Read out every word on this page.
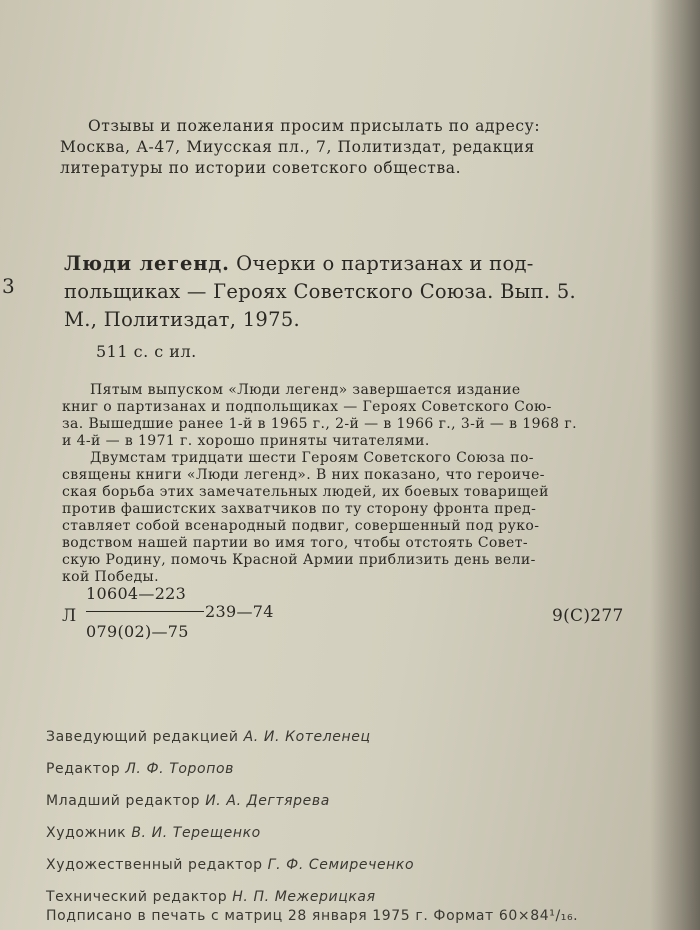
Отзывы и пожелания просим присылать по адресу:
Москва, А-47, Миусская пл., 7, Политиздат, редакция
литературы по истории советского общества.
3
Люди легенд. Очерки о партизанах и под-
польщиках — Героях Советского Союза. Вып. 5.
М., Политиздат, 1975.
511 с. с ил.

Пятым выпуском «Люди легенд» завершается издание
книг о партизанах и подпольщиках — Героях Советского Сою-
за. Вышедшие ранее 1-й в 1965 г., 2-й — в 1966 г., 3-й — в 1968 г.
и 4-й — в 1971 г. хорошо приняты читателями.

Двумстам тридцати шести Героям Советского Союза по-
священы книги «Люди легенд». В них показано, что героиче-
ская борьба этих замечательных людей, их боевых товарищей
против фашистских захватчиков по ту сторону фронта пред-
ставляет собой всенародный подвиг, совершенный под руко-
водством нашей партии во имя того, чтобы отстоять Совет-
скую Родину, помочь Красной Армии приблизить день вели-
кой Победы.

Л
10604—223
079(02)—75
239—74	9(С)277
Заведующий редакцией А. И. Котеленец
Редактор Л. Ф. Торопов
Младший редактор И. А. Дегтярева
Художник В. И. Терещенко
Художественный редактор Г. Ф. Семиреченко
Технический редактор Н. П. Межерицкая
Подписано в печать с матриц 28 января 1975 г. Формат 60×84¹/₁₆.
